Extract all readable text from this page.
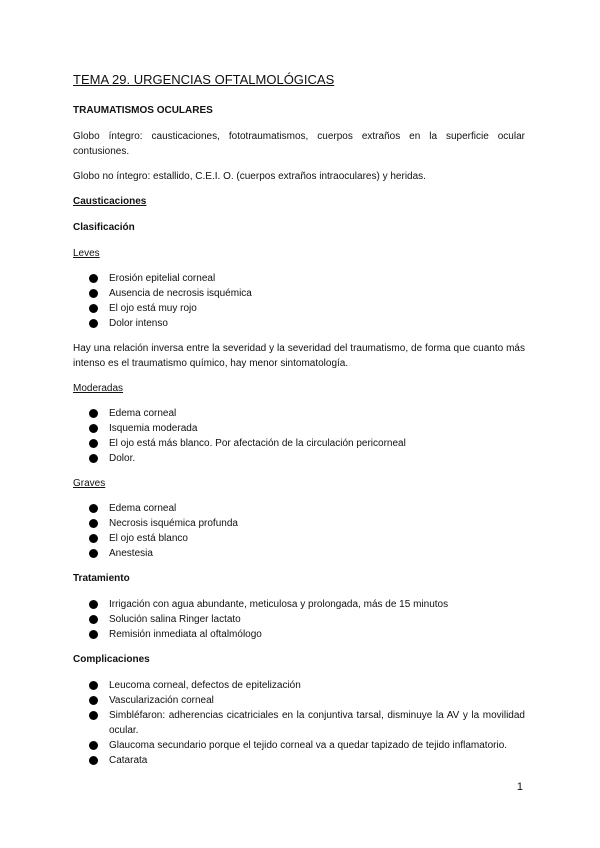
TEMA 29. URGENCIAS OFTALMOLÓGICAS
TRAUMATISMOS OCULARES

Globo íntegro: causticaciones, fototraumatismos, cuerpos extraños en la superficie ocular contusiones.

Globo no íntegro: estallido, C.E.I. O. (cuerpos extraños intraoculares) y heridas.

Causticaciones
Clasificación
Leves
Erosión epitelial corneal
Ausencia de necrosis isquémica
El ojo está muy rojo
Dolor intenso

Hay una relación inversa entre la severidad y la severidad del traumatismo, de forma que cuanto más intenso es el traumatismo químico, hay menor sintomatología.

Moderadas
Edema corneal
Isquemia moderada
El ojo está más blanco. Por afectación de la circulación pericorneal
Dolor.
Graves
Edema corneal
Necrosis isquémica profunda
El ojo está blanco
Anestesia
Tratamiento
Irrigación con agua abundante, meticulosa y prolongada, más de 15 minutos
Solución salina Ringer lactato
Remisión inmediata al oftalmólogo
Complicaciones
Leucoma corneal, defectos de epitelización
Vascularización corneal
Simbléfaron: adherencias cicatriciales en la conjuntiva tarsal, disminuye la AV y la movilidad ocular.
Glaucoma secundario porque el tejido corneal va a quedar tapizado de tejido inflamatorio.
Catarata
1
